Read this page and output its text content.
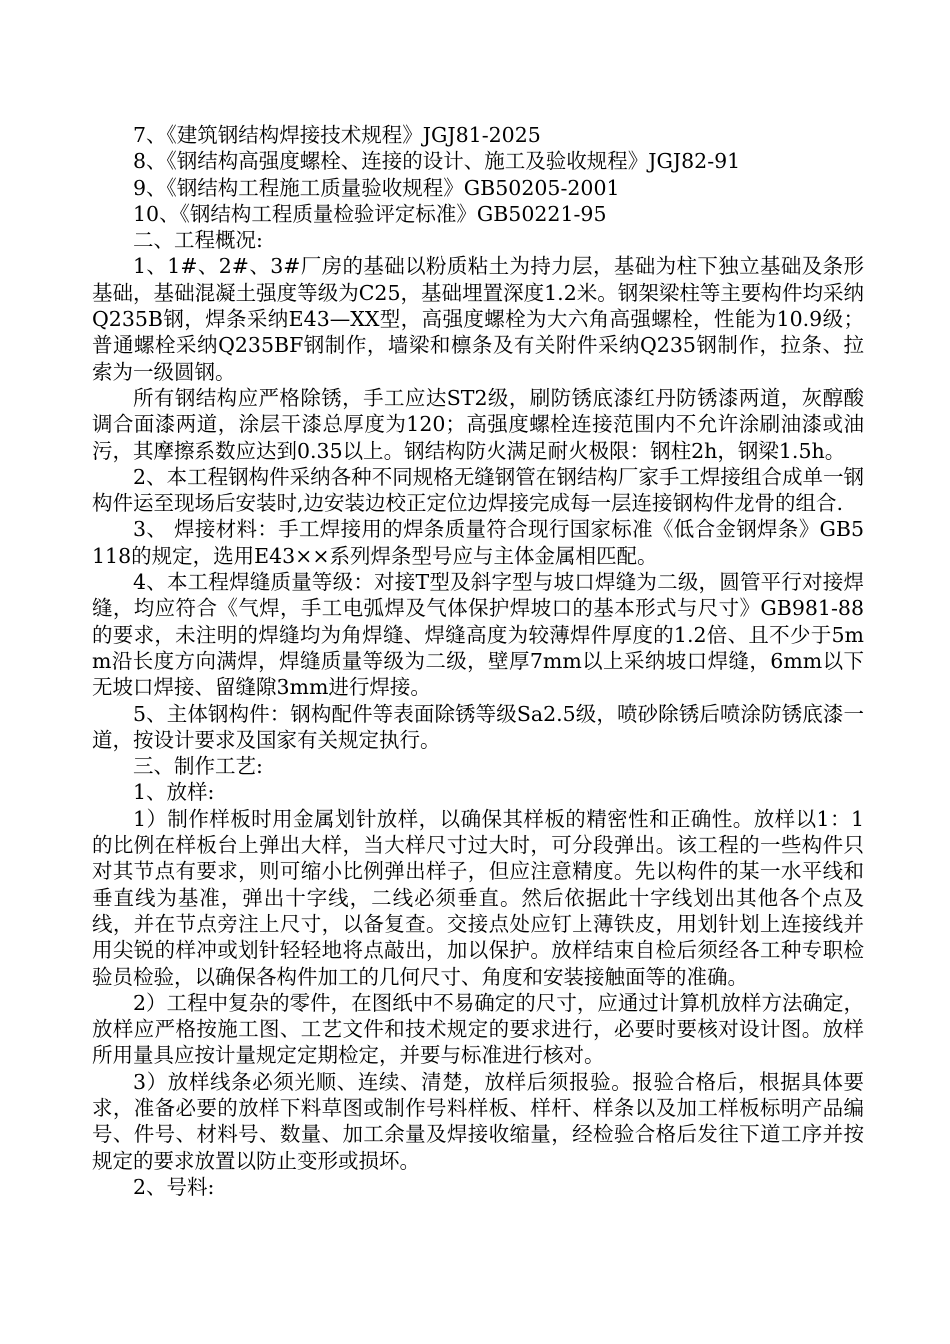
7、《建筑钢结构焊接技术规程》JGJ81-2025

8、《钢结构高强度螺栓、连接的设计、施工及验收规程》JGJ82-91

9、《钢结构工程施工质量验收规程》GB50205-2001

10、《钢结构工程质量检验评定标准》GB50221-95

二、工程概况:

1、1#、2#、3#厂房的基础以粉质粘土为持力层，基础为柱下独立基础及条形基础，基础混凝土强度等级为C25，基础埋置深度1.2米。钢架梁柱等主要构件均采纳Q235B钢，焊条采纳E43—XX型，高强度螺栓为大六角高强螺栓，性能为10.9级；普通螺栓采纳Q235BF钢制作，墙梁和檩条及有关附件采纳Q235钢制作，拉条、拉索为一级圆钢。

所有钢结构应严格除锈，手工应达ST2级，刷防锈底漆红丹防锈漆两道，灰醇酸调合面漆两道，涂层干漆总厚度为120；高强度螺栓连接范围内不允许涂刷油漆或油污，其摩擦系数应达到0.35以上。钢结构防火满足耐火极限：钢柱2h，钢梁1.5h。

2、本工程钢构件采纳各种不同规格无缝钢管在钢结构厂家手工焊接组合成单一钢构件运至现场后安装时,边安装边校正定位边焊接完成每一层连接钢构件龙骨的组合.

3、 焊接材料：手工焊接用的焊条质量符合现行国家标准《低合金钢焊条》GB5118的规定，选用E43××系列焊条型号应与主体金属相匹配。

4、本工程焊缝质量等级：对接T型及斜字型与坡口焊缝为二级，圆管平行对接焊缝，均应符合《气焊，手工电弧焊及气体保护焊坡口的基本形式与尺寸》GB981-88的要求，未注明的焊缝均为角焊缝、焊缝高度为较薄焊件厚度的1.2倍、且不少于5mm沿长度方向满焊，焊缝质量等级为二级，壁厚7mm以上采纳坡口焊缝，6mm以下无坡口焊接、留缝隙3mm进行焊接。

5、主体钢构件：钢构配件等表面除锈等级Sa2.5级，喷砂除锈后喷涂防锈底漆一道，按设计要求及国家有关规定执行。

三、制作工艺:

1、放样:

1）制作样板时用金属划针放样，以确保其样板的精密性和正确性。放样以1：1的比例在样板台上弹出大样，当大样尺寸过大时，可分段弹出。该工程的一些构件只对其节点有要求，则可缩小比例弹出样子，但应注意精度。先以构件的某一水平线和垂直线为基准，弹出十字线，二线必须垂直。然后依据此十字线划出其他各个点及线，并在节点旁注上尺寸，以备复查。交接点处应钉上薄铁皮，用划针划上连接线并用尖锐的样冲或划针轻轻地将点敲出，加以保护。放样结束自检后须经各工种专职检验员检验，以确保各构件加工的几何尺寸、角度和安装接触面等的准确。

2）工程中复杂的零件，在图纸中不易确定的尺寸，应通过计算机放样方法确定，放样应严格按施工图、工艺文件和技术规定的要求进行，必要时要核对设计图。放样所用量具应按计量规定定期检定，并要与标准进行核对。

3）放样线条必须光顺、连续、清楚，放样后须报验。报验合格后，根据具体要求，准备必要的放样下料草图或制作号料样板、样杆、样条以及加工样板标明产品编号、件号、材料号、数量、加工余量及焊接收缩量，经检验合格后发往下道工序并按规定的要求放置以防止变形或损坏。

2、号料:
